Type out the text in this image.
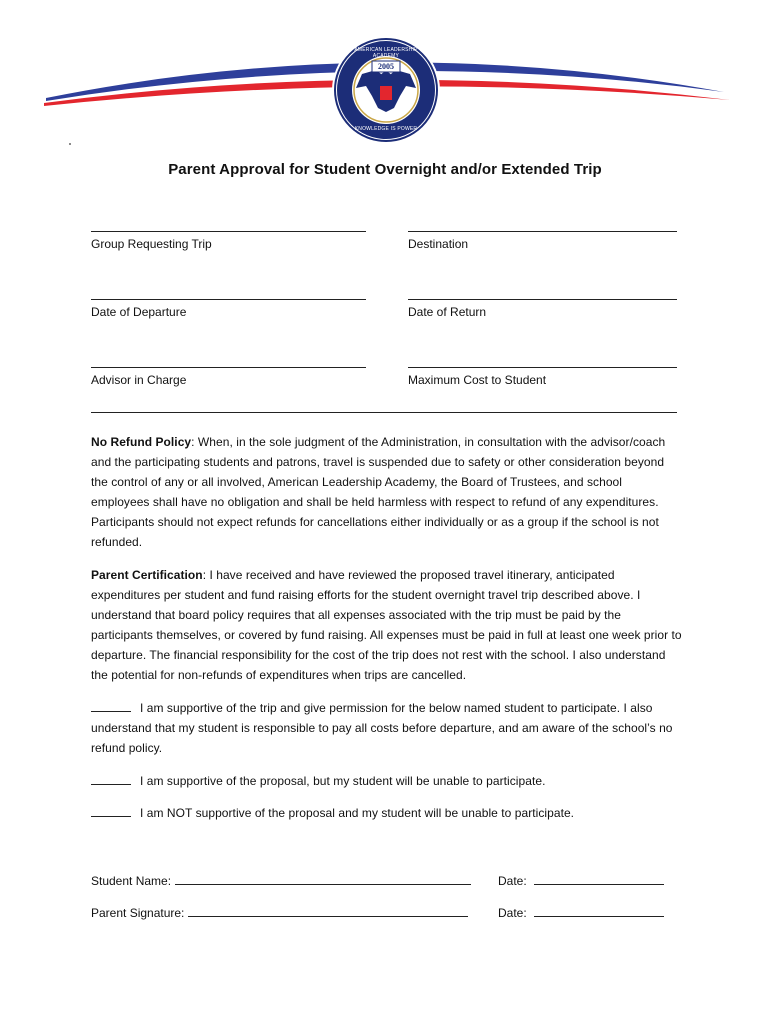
2005
AMERICAN LEADERSHIP ACADEMY
KNOWLEDGE IS POWER
Parent Approval for Student Overnight and/or Extended Trip
Group Requesting Trip	Destination
Date of Departure	Date of Return
Advisor in Charge	Maximum Cost to Student
No Refund Policy: When, in the sole judgment of the Administration, in consultation with the advisor/coach and the participating students and patrons, travel is suspended due to safety or other consideration beyond the control of any or all involved, American Leadership Academy, the Board of Trustees, and school employees shall have no obligation and shall be held harmless with respect to refund of any expenditures. Participants should not expect refunds for cancellations either individually or as a group if the school is not refunded.
Parent Certification: I have received and have reviewed the proposed travel itinerary, anticipated expenditures per student and fund raising efforts for the student overnight travel trip described above. I understand that board policy requires that all expenses associated with the trip must be paid by the participants themselves, or covered by fund raising. All expenses must be paid in full at least one week prior to departure. The financial responsibility for the cost of the trip does not rest with the school. I also understand the potential for non-refunds of expenditures when trips are cancelled.
I am supportive of the trip and give permission for the below named student to participate. I also understand that my student is responsible to pay all costs before departure, and am aware of the school’s no refund policy.
I am supportive of the proposal, but my student will be unable to participate.
I am NOT supportive of the proposal and my student will be unable to participate.
Student Name:	Date:
Parent Signature:	Date:
